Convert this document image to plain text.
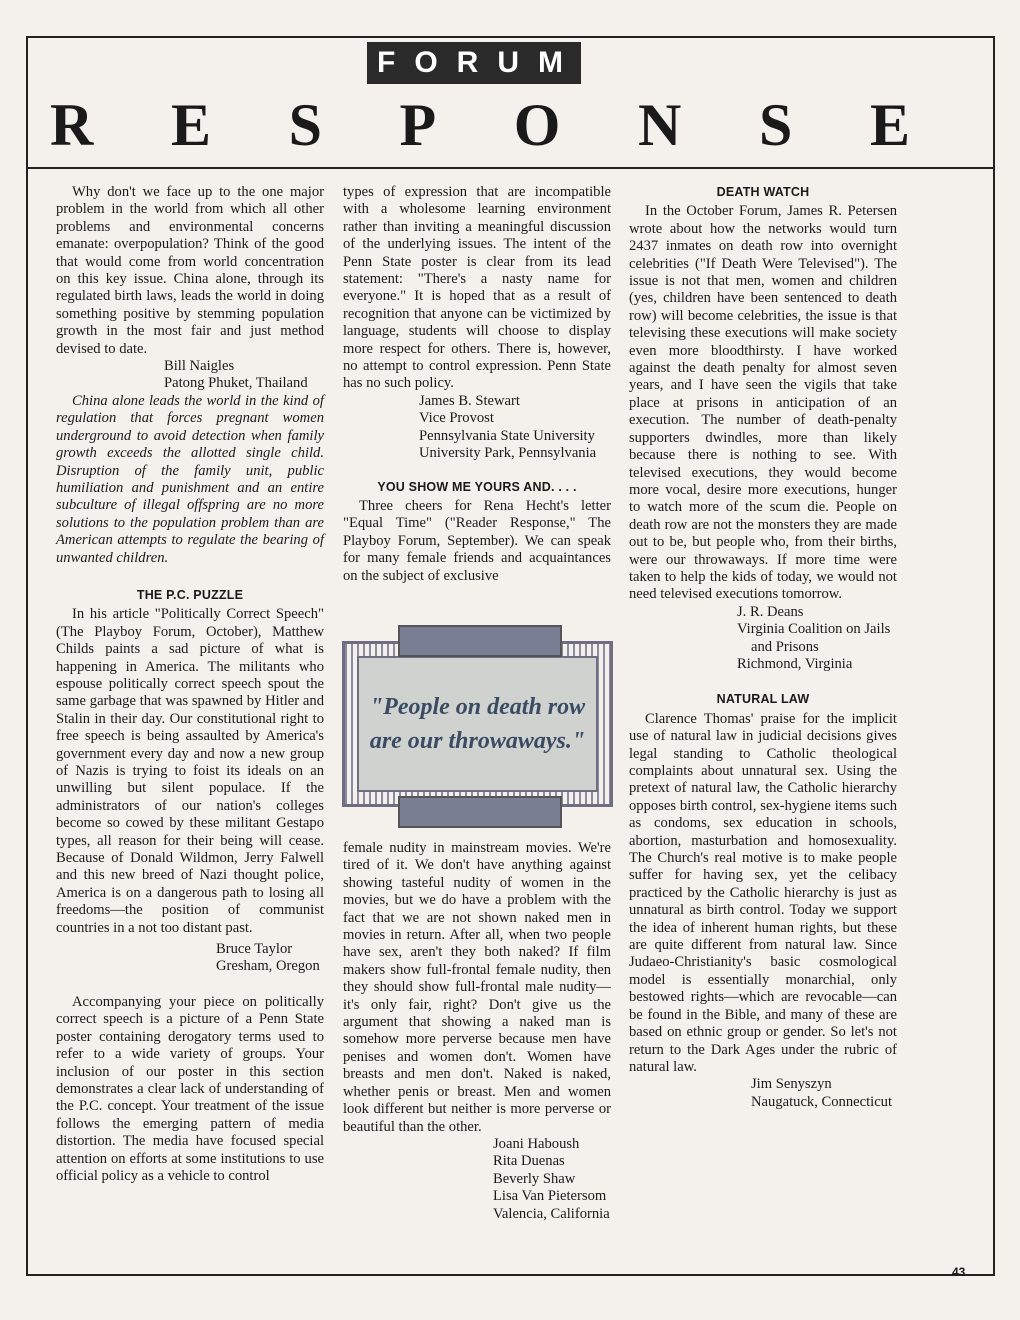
FORUM
R E S P O N S E

Why don't we face up to the one major problem in the world from which all other problems and environmental concerns emanate: overpopulation? Think of the good that would come from world concentration on this key issue. China alone, through its regulated birth laws, leads the world in doing something positive by stemming population growth in the most fair and just method devised to date.

Bill Naigles

Patong Phuket, Thailand

China alone leads the world in the kind of regulation that forces pregnant women underground to avoid detection when family growth exceeds the allotted single child. Disruption of the family unit, public humiliation and punishment and an entire subculture of illegal offspring are no more solutions to the population problem than are American attempts to regulate the bearing of unwanted children.

THE P.C. PUZZLE

In his article "Politically Correct Speech" (The Playboy Forum, October), Matthew Childs paints a sad picture of what is happening in America. The militants who espouse politically correct speech spout the same garbage that was spawned by Hitler and Stalin in their day. Our constitutional right to free speech is being assaulted by America's government every day and now a new group of Nazis is trying to foist its ideals on an unwilling but silent populace. If the administrators of our nation's colleges become so cowed by these militant Gestapo types, all reason for their being will cease. Because of Donald Wildmon, Jerry Falwell and this new breed of Nazi thought police, America is on a dangerous path to losing all freedoms—the position of communist countries in a not too distant past.

Bruce Taylor

Gresham, Oregon

Accompanying your piece on politically correct speech is a picture of a Penn State poster containing derogatory terms used to refer to a wide variety of groups. Your inclusion of our poster in this section demonstrates a clear lack of understanding of the P.C. concept. Your treatment of the issue follows the emerging pattern of media distortion. The media have focused special attention on efforts at some institutions to use official policy as a vehicle to control

types of expression that are incompatible with a wholesome learning environment rather than inviting a meaningful discussion of the underlying issues. The intent of the Penn State poster is clear from its lead statement: "There's a nasty name for everyone." It is hoped that as a result of recognition that anyone can be victimized by language, students will choose to display more respect for others. There is, however, no attempt to control expression. Penn State has no such policy.

James B. Stewart

Vice Provost

Pennsylvania State University

University Park, Pennsylvania

YOU SHOW ME YOURS AND. . . .

Three cheers for Rena Hecht's letter "Equal Time" ("Reader Response," The Playboy Forum, September). We can speak for many female friends and acquaintances on the subject of exclusive

"People on death row are our throwaways."

female nudity in mainstream movies. We're tired of it. We don't have anything against showing tasteful nudity of women in the movies, but we do have a problem with the fact that we are not shown naked men in movies in return. After all, when two people have sex, aren't they both naked? If film makers show full-frontal female nudity, then they should show full-frontal male nudity—it's only fair, right? Don't give us the argument that showing a naked man is somehow more perverse because men have penises and women don't. Women have breasts and men don't. Naked is naked, whether penis or breast. Men and women look different but neither is more perverse or beautiful than the other.

Joani Haboush

Rita Duenas

Beverly Shaw

Lisa Van Pietersom

Valencia, California

DEATH WATCH

In the October Forum, James R. Petersen wrote about how the networks would turn 2437 inmates on death row into overnight celebrities ("If Death Were Televised"). The issue is not that men, women and children (yes, children have been sentenced to death row) will become celebrities, the issue is that televising these executions will make society even more bloodthirsty. I have worked against the death penalty for almost seven years, and I have seen the vigils that take place at prisons in anticipation of an execution. The number of death-penalty supporters dwindles, more than likely because there is nothing to see. With televised executions, they would become more vocal, desire more executions, hunger to watch more of the scum die. People on death row are not the monsters they are made out to be, but people who, from their births, were our throwaways. If more time were taken to help the kids of today, we would not need televised executions tomorrow.

J. R. Deans

Virginia Coalition on Jails

and Prisons

Richmond, Virginia

NATURAL LAW

Clarence Thomas' praise for the implicit use of natural law in judicial decisions gives legal standing to Catholic theological complaints about unnatural sex. Using the pretext of natural law, the Catholic hierarchy opposes birth control, sex-hygiene items such as condoms, sex education in schools, abortion, masturbation and homosexuality. The Church's real motive is to make people suffer for having sex, yet the celibacy practiced by the Catholic hierarchy is just as unnatural as birth control. Today we support the idea of inherent human rights, but these are quite different from natural law. Since Judaeo-Christianity's basic cosmological model is essentially monarchial, only bestowed rights—which are revocable—can be found in the Bible, and many of these are based on ethnic group or gender. So let's not return to the Dark Ages under the rubric of natural law.

Jim Senyszyn

Naugatuck, Connecticut

43
